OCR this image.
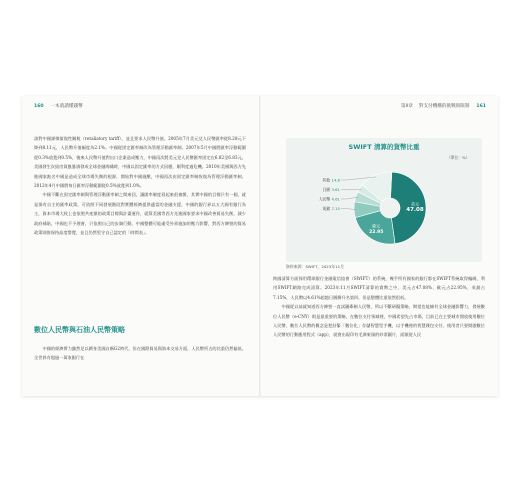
160 一本就讀懂錢幣

該對中國課徵報復性關稅（retaliatory tariff），並且要求人民幣升值。2005年7月美元兌人民幣匯率從8.28元下降到8.11元，人民幣升值幅度為2.1%。中國從固定匯率制改為管理浮動匯率制。2007年5月中國將匯率浮動範圍從0.3%放寬到0.5%，後來人民幣升值對出口企業造成壓力，中國再次將美元兌人民幣匯率固定在6.82至6.83元，美國發生次級房貸風暴誘發成全球金融海嘯時，中國以固定匯率的方式因應，順利度過危機。2010年美國與西方先進國家點名中國是造成全球市場失衡的根源，開始對中國施壓，中國再次由固定匯率制恢復為管理浮動匯率制。2012年4月中國將每日匯率浮動範圍從0.5%放寬到1.0%。

中國不斷在固定匯率制與管理浮動匯率制之間來回，讓匯率制度看起來很複雜，其實中國的目標只有一個，就是保有自主的匯率政策。可依照不同發展階段對實體經濟提供適當的金融支援，中國的銀行界以五大國有銀行為主，資本市場大致上也依照共產黨的政策目標與計畫運作，就算美國等西方先進國家要求中國改善貿易失衡，減少政府補貼，中國也不予理會，只依照自己的步調行動。中國整體可能處受外界施加的壓力影響，對西方陣營的貿易政策則推保持高度警覺，並且仍然堅守自己認定的「時間表」。

數位人民幣與石油人民幣策略
中國的經濟實力雖然足以躋身美國自稱G2時代，但在國際貿易與資本交易方面，人民幣所占的比重仍然偏低。全世界有超過一萬家銀行在
第8章 對支付機構的挑戰與限制 161
SWIFT 清算的貨幣比重
（單位：%）
美元
47.08
歐元
22.95
其他 14.8
日圓 3.61
人民幣 4.61
英鎊 7.15
資料來源：SWIFT，2023年11月

跨國清算方面採用環球銀行金融電信協會（SWIFT）的系統，幾乎所有國家的銀行都在SWIFT系統取得編碼，利用SWIFT網路完成清算。2023年11月SWIFT清算的貨幣之中，美元占47.08%、歐元占22.95%、英鎊占7.15%，人民幣以4.61%超越日圓躋升名第四，但是整體比重依然很低。

中國從以前就知道西方陣營一直試圖牽制人民幣，所以不斷研擬策略，期望也能擁有全球金融影響力，發展數位人民幣（e-CNY）則是最重要的策略，在數位支付領域裡，中國希望先占市場，目前已在主要城市開放使用數位人民幣，數位人民幣的概念是把舒緊「數位化」存儲智慧型手機，以手機裡的智慧錢包支付。使用者只要開啟數位人民幣的行動應用程式（app），就會出現印有毛澤東頭的紗票圖片，面額從人民
